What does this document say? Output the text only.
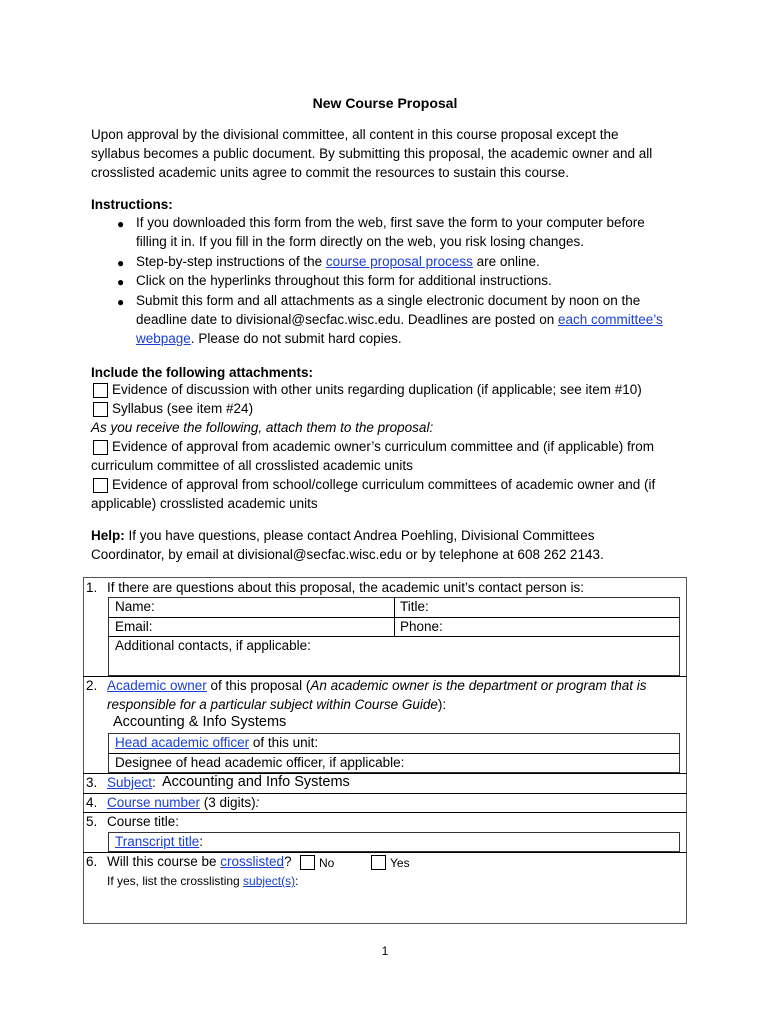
New Course Proposal
Upon approval by the divisional committee, all content in this course proposal except the
syllabus becomes a public document. By submitting this proposal, the academic owner and all
crosslisted academic units agree to commit the resources to sustain this course.
Instructions:
● If you downloaded this form from the web, first save the form to your computer before
filling it in. If you fill in the form directly on the web, you risk losing changes.
● Step-by-step instructions of the course proposal process are online.
● Click on the hyperlinks throughout this form for additional instructions.
● Submit this form and all attachments as a single electronic document by noon on the
deadline date to divisional@secfac.wisc.edu. Deadlines are posted on each committee’s
webpage. Please do not submit hard copies.
Include the following attachments:
Evidence of discussion with other units regarding duplication (if applicable; see item #10)
Syllabus (see item #24)
As you receive the following, attach them to the proposal:
Evidence of approval from academic owner’s curriculum committee and (if applicable) from
curriculum committee of all crosslisted academic units
Evidence of approval from school/college curriculum committees of academic owner and (if
applicable) crosslisted academic units
Help: If you have questions, please contact Andrea Poehling, Divisional Committees
Coordinator, by email at divisional@secfac.wisc.edu or by telephone at 608 262 2143.
1. If there are questions about this proposal, the academic unit’s contact person is:
Name:	Title:
Email:	Phone:
Additional contacts, if applicable:
2. Academic owner of this proposal (An academic owner is the department or program that is
responsible for a particular subject within Course Guide):
Accounting & Info Systems
Head academic officer of this unit:
Designee of head academic officer, if applicable:
3. Subject: Accounting and Info Systems
4. Course number (3 digits):
5. Course title:
Transcript title:
6. Will this course be crosslisted? No	Yes
If yes, list the crosslisting subject(s):
1
